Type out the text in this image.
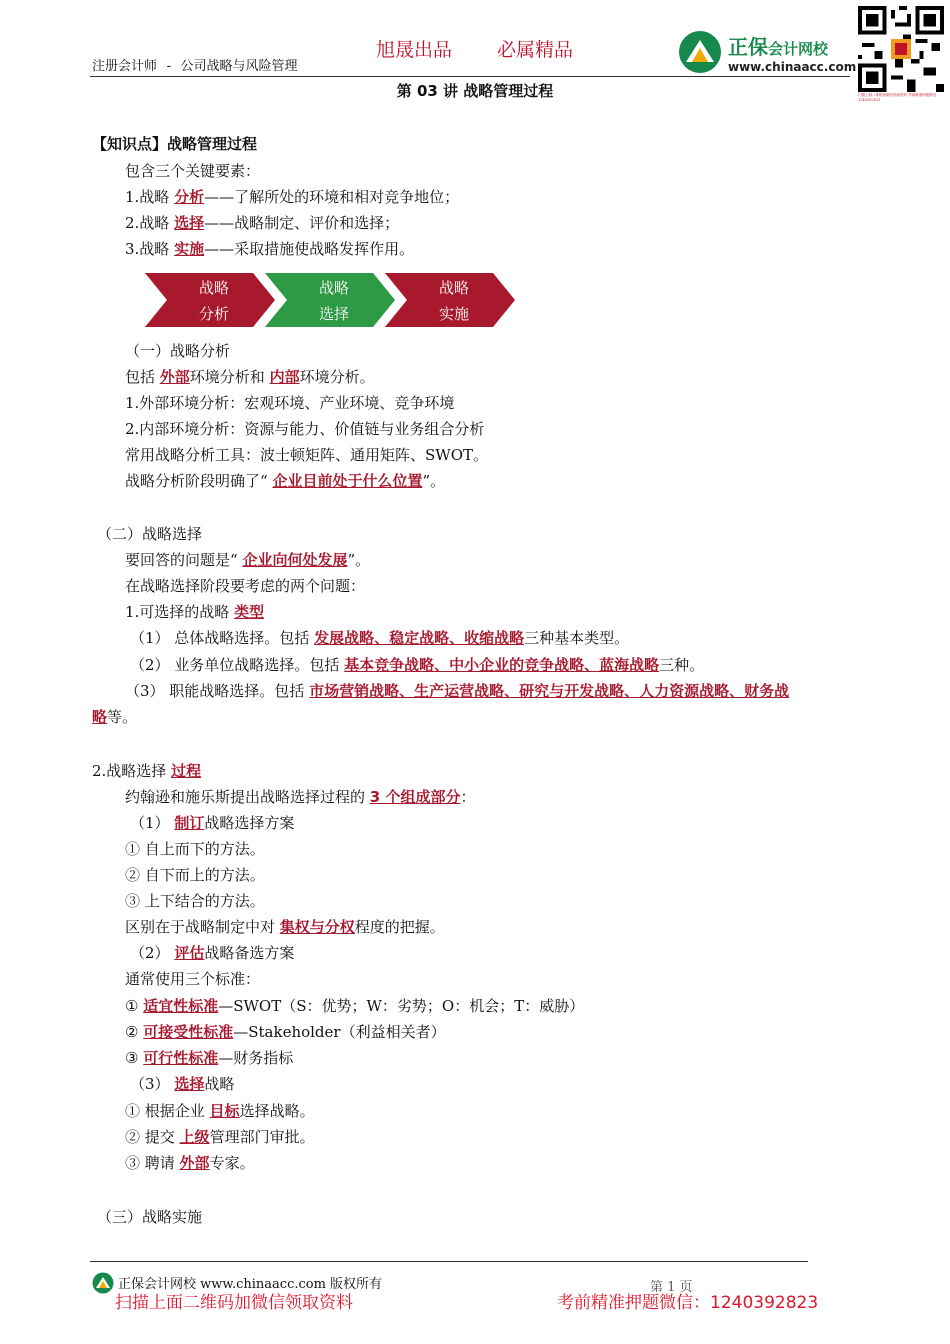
注册会计师 - 公司战略与风险管理
旭晟出品 必属精品	正保会计网校
www.chinaacc.com
扫描上面二维码加微信领取资料 考前精准押题微信：1240392823
第 03 讲 战略管理过程
【知识点】战略管理过程
包含三个关键要素：
1.战略 分析——了解所处的环境和相对竞争地位；
2.战略 选择——战略制定、评价和选择；
3.战略 实施——采取措施使战略发挥作用。
（一）战略分析
包括 外部环境分析和 内部环境分析。
1.外部环境分析：宏观环境、产业环境、竞争环境
2.内部环境分析：资源与能力、价值链与业务组合分析
常用战略分析工具：波士顿矩阵、通用矩阵、SWOT。
战略分析阶段明确了“ 企业目前处于什么位置”。
（二）战略选择
要回答的问题是“ 企业向何处发展”。
在战略选择阶段要考虑的两个问题：
1.可选择的战略 类型
（1） 总体战略选择。包括 发展战略、稳定战略、收缩战略三种基本类型。
（2） 业务单位战略选择。包括 基本竞争战略、中小企业的竞争战略、蓝海战略三种。
（3） 职能战略选择。包括 市场营销战略、生产运营战略、研究与开发战略、人力资源战略、财务战
略等。
2.战略选择 过程
约翰逊和施乐斯提出战略选择过程的 3 个组成部分：
（1） 制订战略选择方案
① 自上而下的方法。
② 自下而上的方法。
③ 上下结合的方法。
区别在于战略制定中对 集权与分权程度的把握。
（2） 评估战略备选方案
通常使用三个标准：
① 适宜性标准—SWOT（S：优势；W：劣势；O：机会；T：威胁）
② 可接受性标准—Stakeholder（利益相关者）
③ 可行性标准—财务指标
（3） 选择战略
① 根据企业 目标选择战略。
② 提交 上级管理部门审批。
③ 聘请 外部专家。
（三）战略实施
战略
分析
战略
选择
战略
实施
正保会计网校 www.chinaacc.com 版权所有	第 1 页
扫描上面二维码加微信领取资料	考前精准押题微信：1240392823
